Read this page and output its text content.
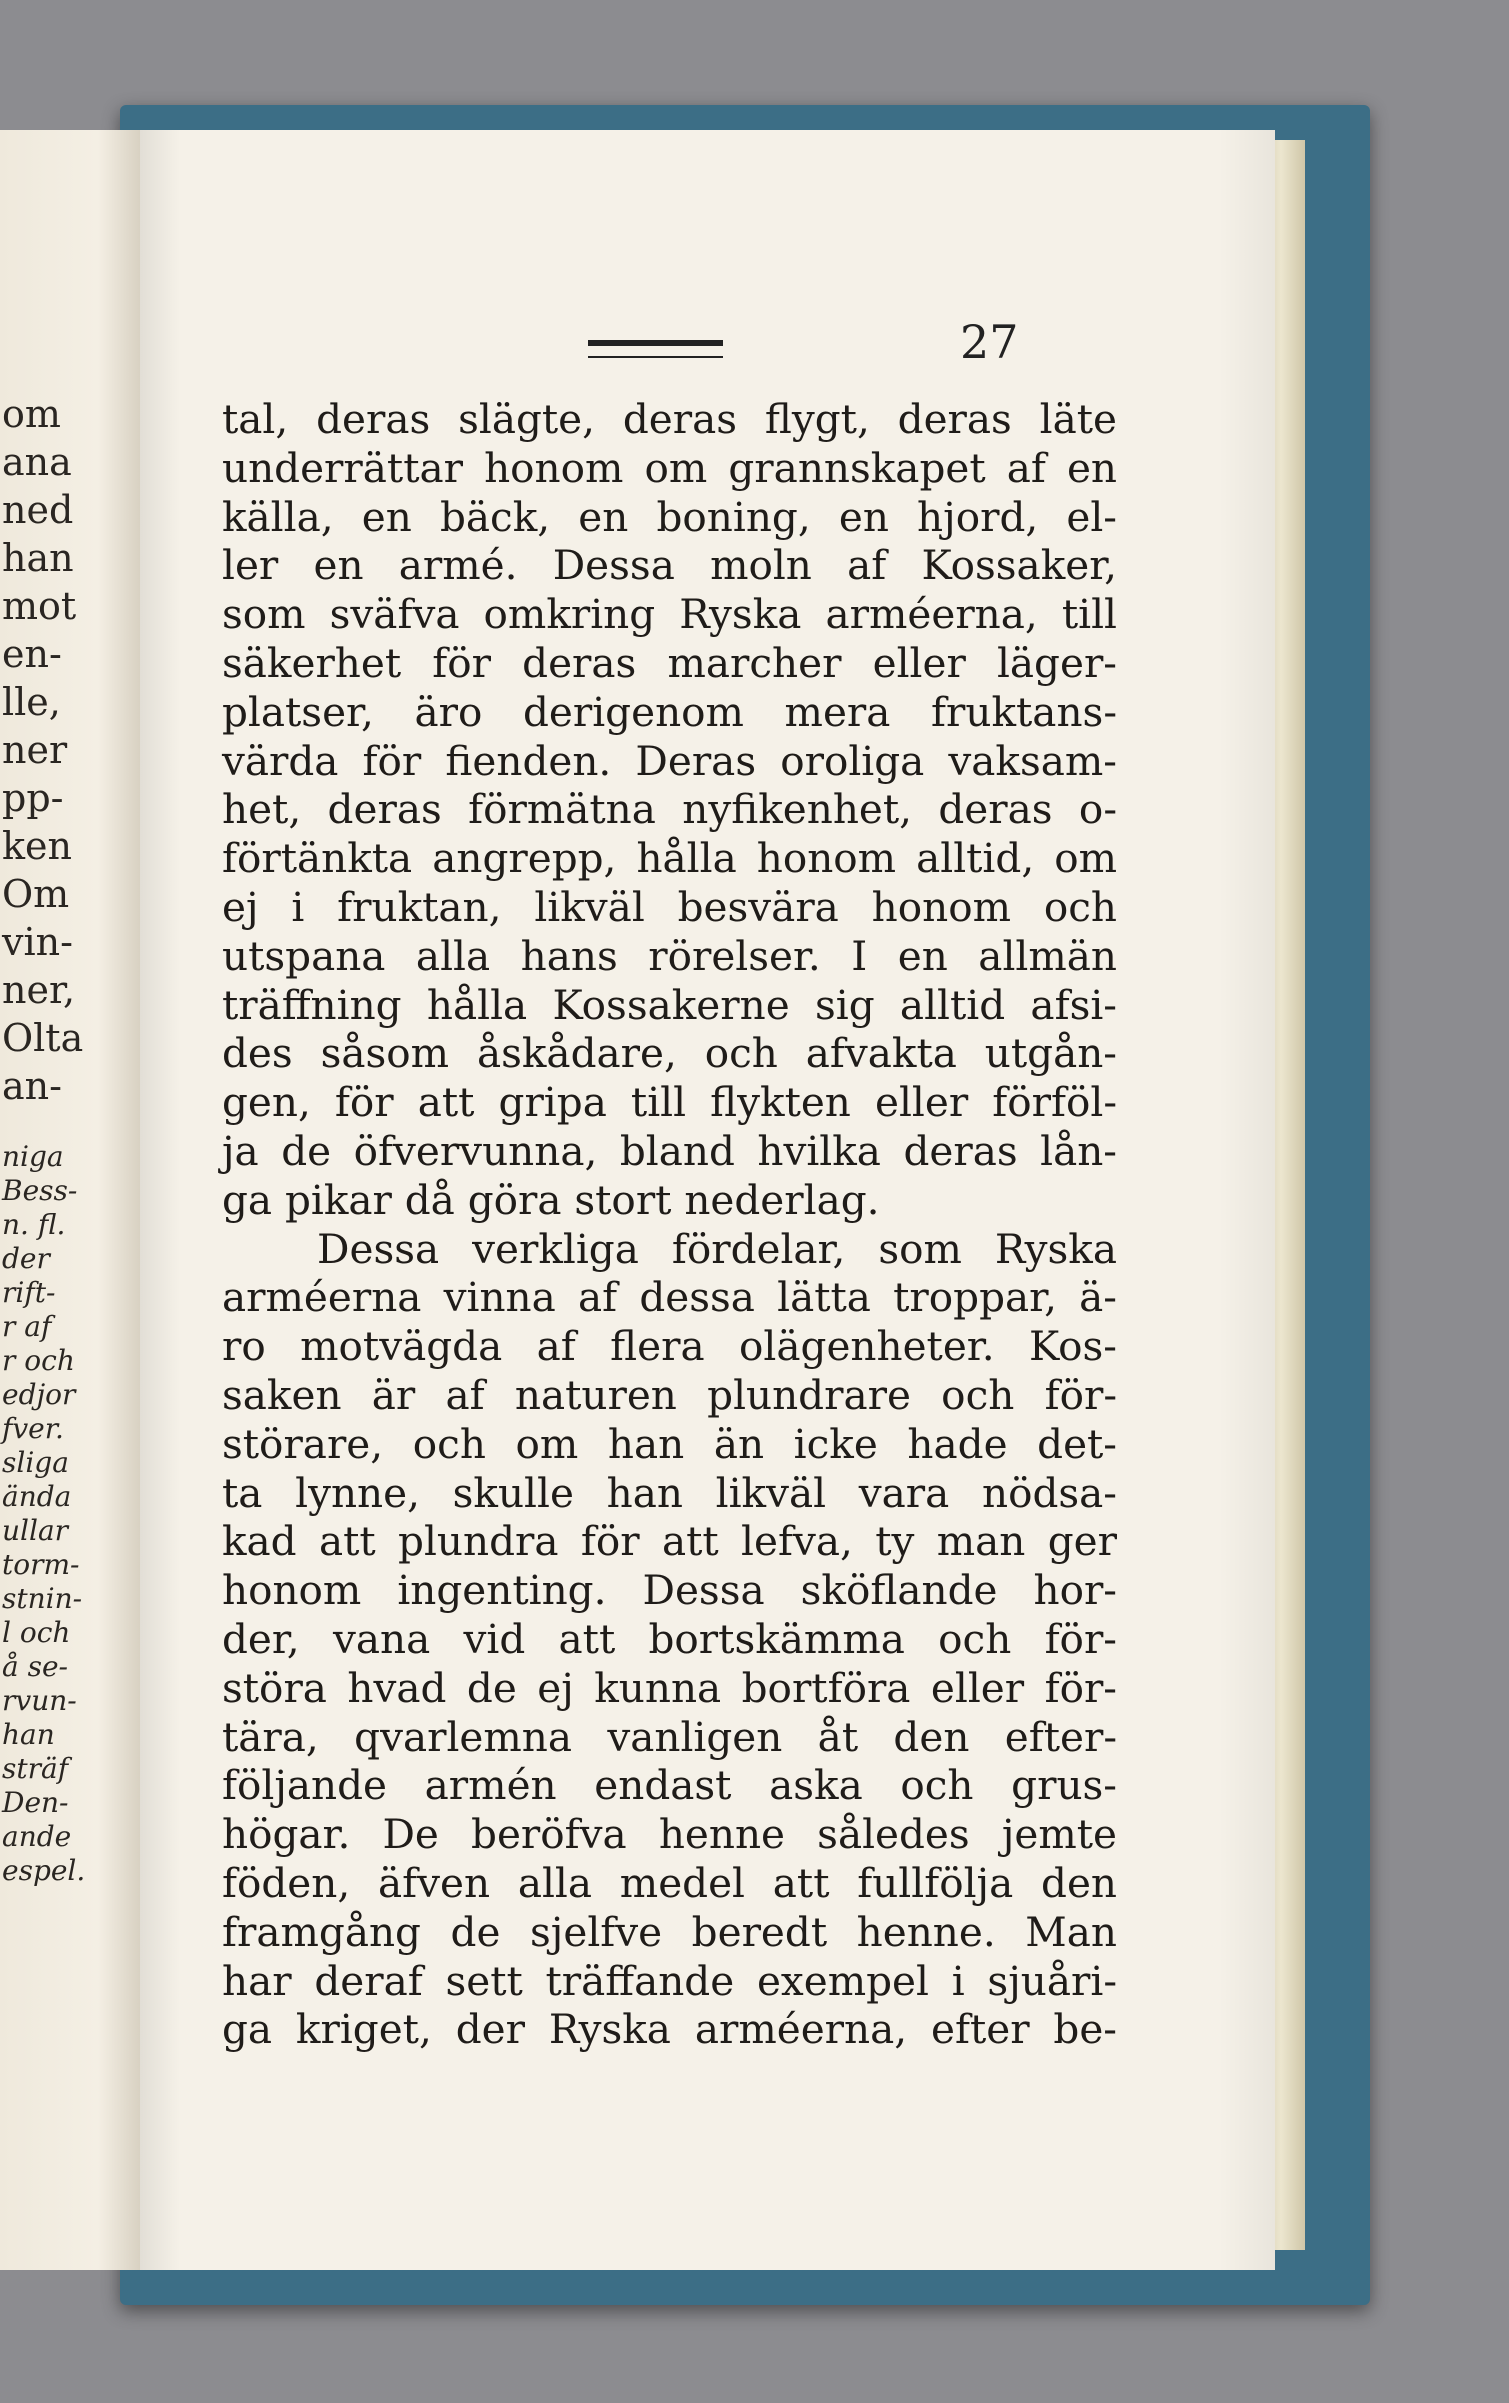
om
ana
ned
han
mot
en-
lle,
ner
pp-
ken
Om
vin-
ner,
Olta
an-
niga
Bess-
n. fl.
der
rift-
r af
r och
edjor
fver.
sliga
ända
ullar
torm-
stnin-
l och
å se-
rvun-
han
sträf
Den-
ande
espel.
27
tal, deras slägte, deras flygt, deras läte
underrättar honom om grannskapet af en
källa, en bäck, en boning, en hjord, el-
ler en armé. Dessa moln af Kossaker,
som sväfva omkring Ryska arméerna, till
säkerhet för deras marcher eller läger-
platser, äro derigenom mera fruktans-
värda för fienden. Deras oroliga vaksam-
het, deras förmätna nyfikenhet, deras o-
förtänkta angrepp, hålla honom alltid, om
ej i fruktan, likväl besvära honom och
utspana alla hans rörelser. I en allmän
träffning hålla Kossakerne sig alltid afsi-
des såsom åskådare, och afvakta utgån-
gen, för att gripa till flykten eller förföl-
ja de öfvervunna, bland hvilka deras lån-
ga pikar då göra stort nederlag.
Dessa verkliga fördelar, som Ryska
arméerna vinna af dessa lätta troppar, ä-
ro motvägda af flera olägenheter. Kos-
saken är af naturen plundrare och för-
störare, och om han än icke hade det-
ta lynne, skulle han likväl vara nödsa-
kad att plundra för att lefva, ty man ger
honom ingenting. Dessa sköflande hor-
der, vana vid att bortskämma och för-
störa hvad de ej kunna bortföra eller för-
tära, qvarlemna vanligen åt den efter-
följande armén endast aska och grus-
högar. De beröfva henne således jemte
föden, äfven alla medel att fullfölja den
framgång de sjelfve beredt henne. Man
har deraf sett träffande exempel i sjuåri-
ga kriget, der Ryska arméerna, efter be-
